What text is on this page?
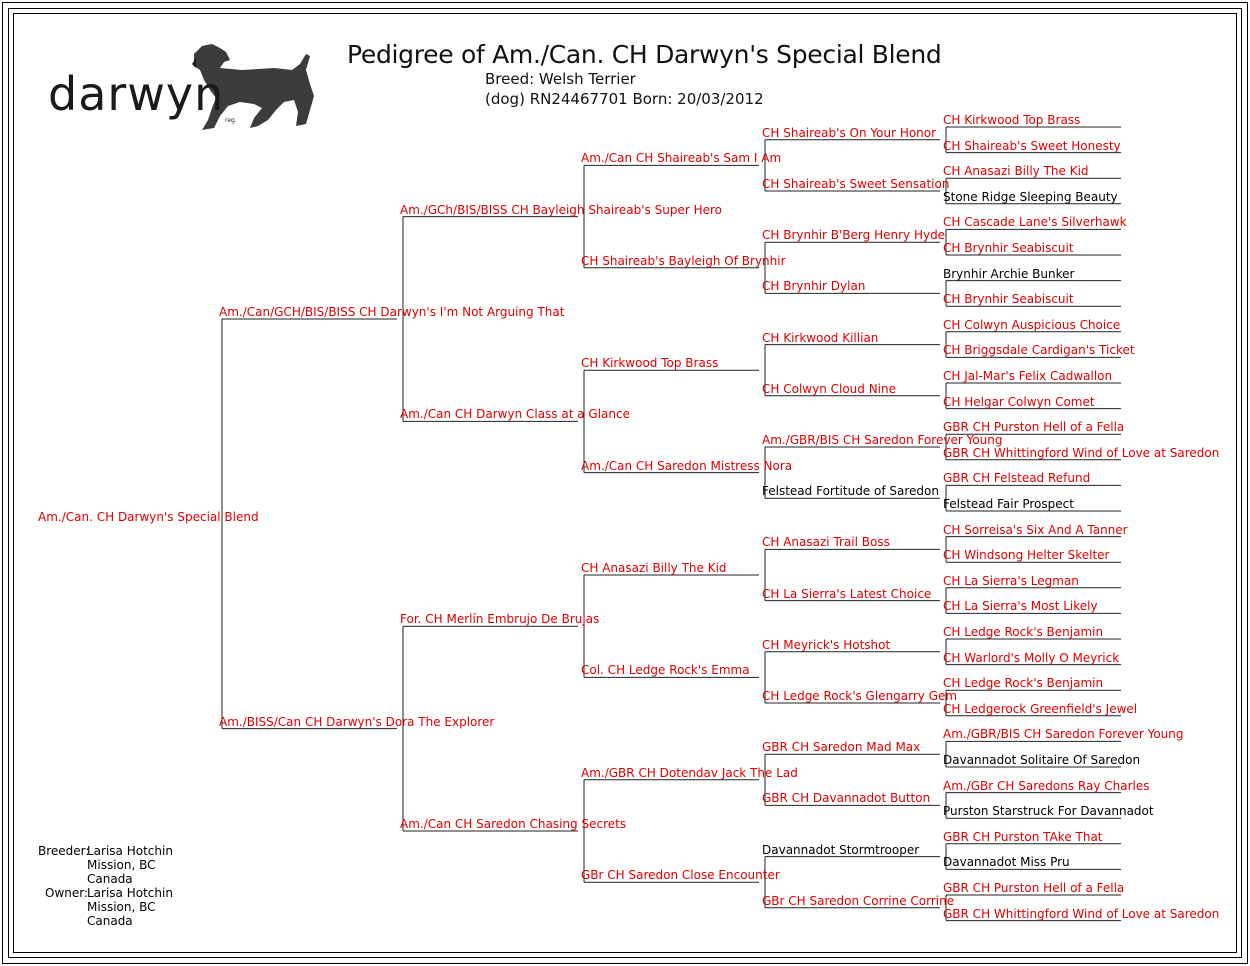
darwyn reg.
Pedigree of Am./Can. CH Darwyn's Special Blend
Breed: Welsh Terrier
(dog) RN24467701 Born: 20/03/2012
Am./Can. CH Darwyn's Special Blend
Am./Can/GCH/BIS/BISS CH Darwyn's I'm Not Arguing That
Am./BISS/Can CH Darwyn's Dora The Explorer
Am./GCh/BIS/BISS CH Bayleigh Shaireab's Super Hero
Am./Can CH Darwyn Class at a Glance
For. CH Merlín Embrujo De Brujas
Am./Can CH Saredon Chasing Secrets
Am./Can CH Shaireab's Sam I Am
CH Shaireab's Bayleigh Of Brynhir
CH Kirkwood Top Brass
Am./Can CH Saredon Mistress Nora
CH Anasazi Billy The Kid
Col. CH Ledge Rock's Emma
Am./GBR CH Dotendav Jack The Lad
GBr CH Saredon Close Encounter
CH Shaireab's On Your Honor
CH Shaireab's Sweet Sensation
CH Brynhir B'Berg Henry Hyde
CH Brynhir Dylan
CH Kirkwood Killian
CH Colwyn Cloud Nine
Am./GBR/BIS CH Saredon Forever Young
Felstead Fortitude of Saredon
CH Anasazi Trail Boss
CH La Sierra's Latest Choice
CH Meyrick's Hotshot
CH Ledge Rock's Glengarry Gem
GBR CH Saredon Mad Max
GBR CH Davannadot Button
Davannadot Stormtrooper
GBr CH Saredon Corrine Corrine
CH Kirkwood Top Brass
CH Shaireab's Sweet Honesty
CH Anasazi Billy The Kid
Stone Ridge Sleeping Beauty
CH Cascade Lane's Silverhawk
CH Brynhir Seabiscuit
Brynhir Archie Bunker
CH Brynhir Seabiscuit
CH Colwyn Auspicious Choice
CH Briggsdale Cardigan's Ticket
CH Jal-Mar's Felix Cadwallon
CH Helgar Colwyn Comet
GBR CH Purston Hell of a Fella
GBR CH Whittingford Wind of Love at Saredon
GBR CH Felstead Refund
Felstead Fair Prospect
CH Sorreisa's Six And A Tanner
CH Windsong Helter Skelter
CH La Sierra's Legman
CH La Sierra's Most Likely
CH Ledge Rock's Benjamin
CH Warlord's Molly O Meyrick
CH Ledge Rock's Benjamin
CH Ledgerock Greenfield's Jewel
Am./GBR/BIS CH Saredon Forever Young
Davannadot Solitaire Of Saredon
Am./GBr CH Saredons Ray Charles
Purston Starstruck For Davannadot
GBR CH Purston TAke That
Davannadot Miss Pru
GBR CH Purston Hell of a Fella
GBR CH Whittingford Wind of Love at Saredon
Breeder:
Larisa Hotchin
Mission, BC
Canada
Owner:
Larisa Hotchin
Mission, BC
Canada
